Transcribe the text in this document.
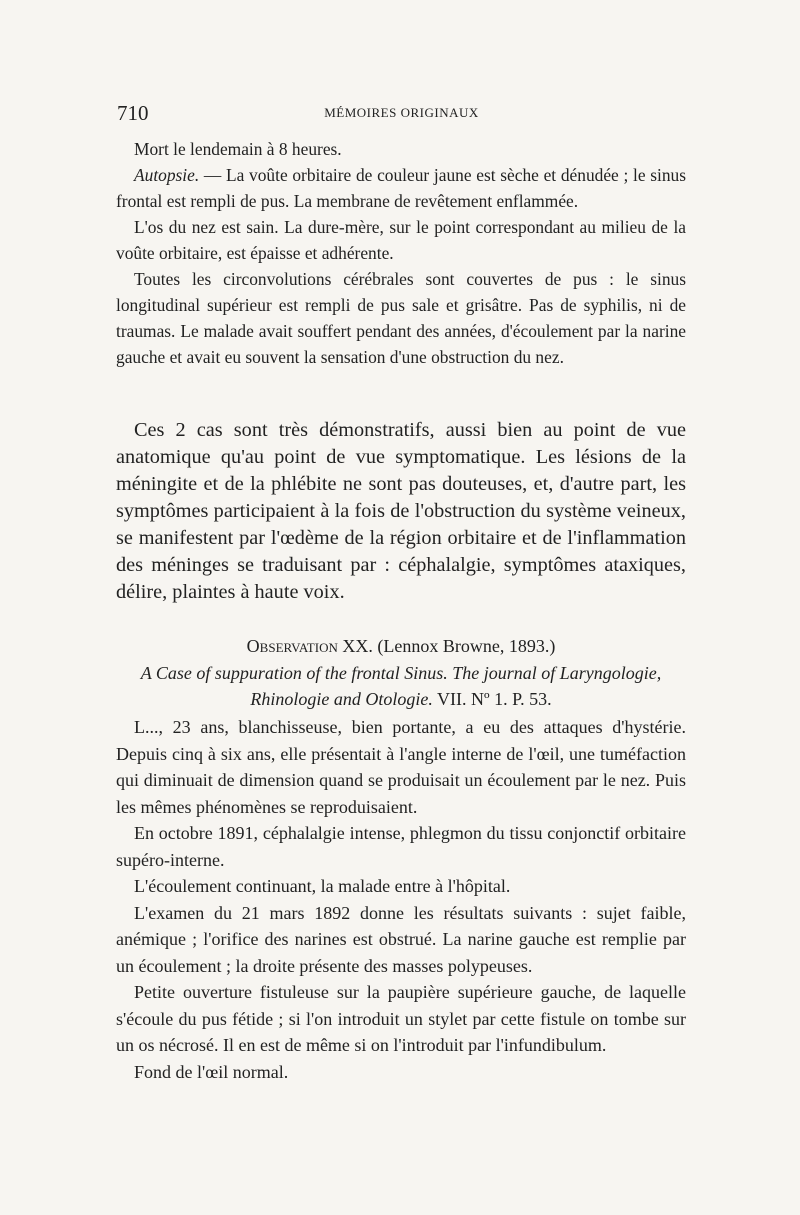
710	MÉMOIRES ORIGINAUX

Mort le lendemain à 8 heures.

Autopsie. — La voûte orbitaire de couleur jaune est sèche et dénudée ; le sinus frontal est rempli de pus. La membrane de revêtement enflammée.

L'os du nez est sain. La dure-mère, sur le point correspondant au milieu de la voûte orbitaire, est épaisse et adhérente.

Toutes les circonvolutions cérébrales sont couvertes de pus : le sinus longitudinal supérieur est rempli de pus sale et grisâtre. Pas de syphilis, ni de traumas. Le malade avait souffert pendant des années, d'écoulement par la narine gauche et avait eu souvent la sensation d'une obstruction du nez.

Ces 2 cas sont très démonstratifs, aussi bien au point de vue anatomique qu'au point de vue symptomatique. Les lésions de la méningite et de la phlébite ne sont pas douteuses, et, d'autre part, les symptômes participaient à la fois de l'obstruction du système veineux, se manifestent par l'œdème de la région orbitaire et de l'inflammation des méninges se traduisant par : céphalalgie, symptômes ataxiques, délire, plaintes à haute voix.

Observation XX. (Lennox Browne, 1893.)

A Case of suppuration of the frontal Sinus. The journal of Laryngologie, Rhinologie and Otologie. VII. Nº 1. P. 53.

L..., 23 ans, blanchisseuse, bien portante, a eu des attaques d'hystérie. Depuis cinq à six ans, elle présentait à l'angle interne de l'œil, une tuméfaction qui diminuait de dimension quand se produisait un écoulement par le nez. Puis les mêmes phénomènes se reproduisaient.

En octobre 1891, céphalalgie intense, phlegmon du tissu conjonctif orbitaire supéro-interne.

L'écoulement continuant, la malade entre à l'hôpital.

L'examen du 21 mars 1892 donne les résultats suivants : sujet faible, anémique ; l'orifice des narines est obstrué. La narine gauche est remplie par un écoulement ; la droite présente des masses polypeuses.

Petite ouverture fistuleuse sur la paupière supérieure gauche, de laquelle s'écoule du pus fétide ; si l'on introduit un stylet par cette fistule on tombe sur un os nécrosé. Il en est de même si on l'introduit par l'infundibulum.

Fond de l'œil normal.
